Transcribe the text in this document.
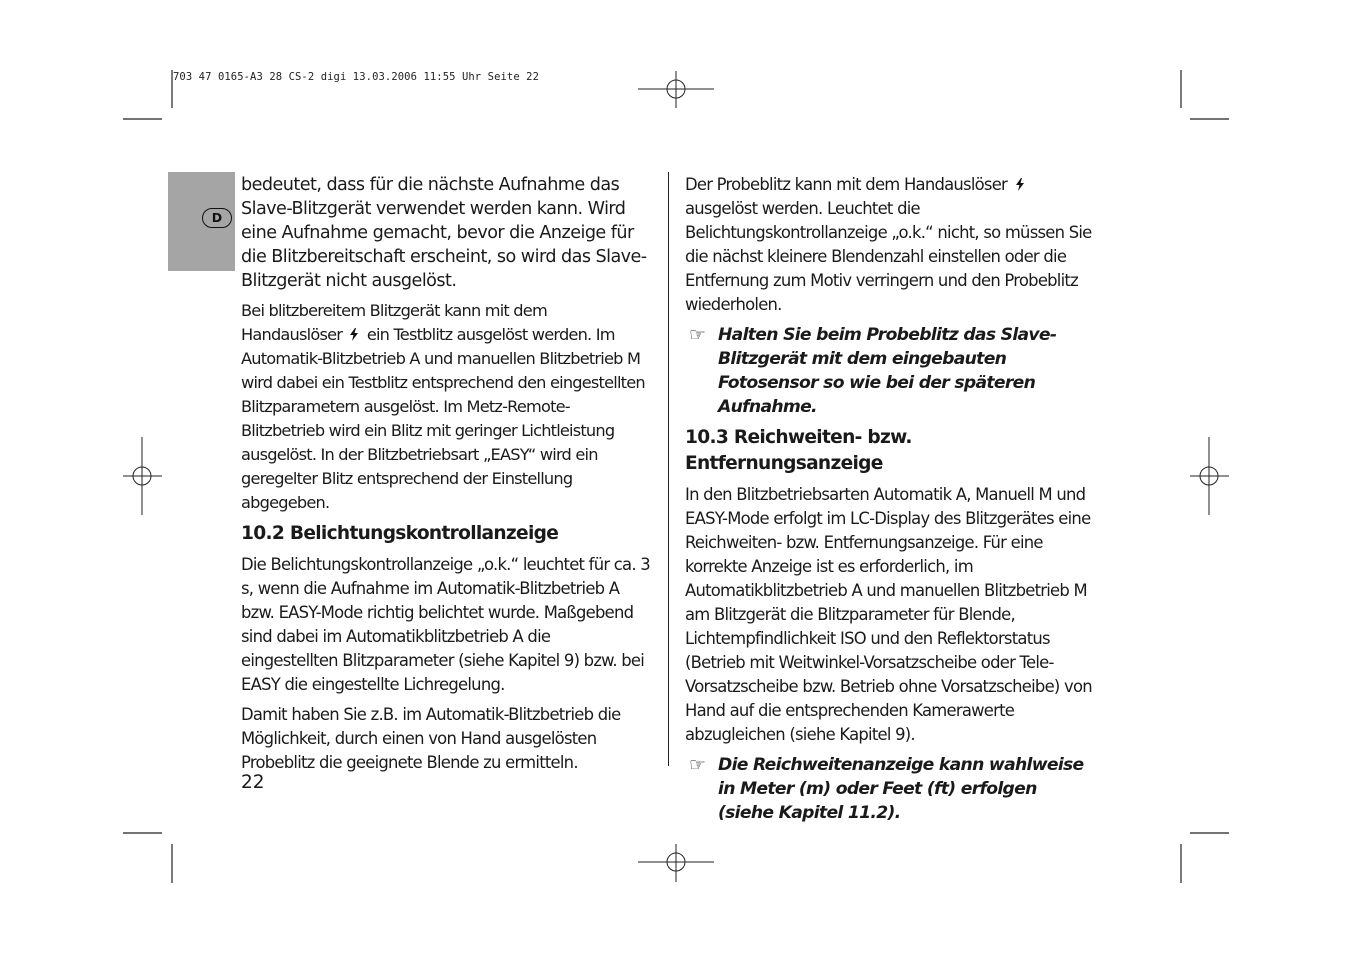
703 47 0165-A3 28 CS-2 digi 13.03.2006 11:55 Uhr Seite 22
D

bedeutet, dass für die nächste Aufnahme das Slave-Blitzgerät verwendet werden kann. Wird eine Aufnahme gemacht, bevor die Anzeige für die Blitzbereitschaft erscheint, so wird das Slave-Blitzgerät nicht ausgelöst.

Bei blitzbereitem Blitzgerät kann mit dem Handauslöser ein Testblitz ausgelöst werden. Im Automatik-Blitzbetrieb A und manuellen Blitzbetrieb M wird dabei ein Testblitz entsprechend den eingestellten Blitzparametern ausgelöst. Im Metz-Remote-Blitzbetrieb wird ein Blitz mit geringer Lichtleistung ausgelöst. In der Blitzbetriebsart „EASY“ wird ein geregelter Blitz entsprechend der Einstellung abgegeben.

10.2 Belichtungskontrollanzeige

Die Belichtungskontrollanzeige „o.k.“ leuchtet für ca. 3 s, wenn die Aufnahme im Automatik-Blitzbetrieb A bzw. EASY-Mode richtig belichtet wurde. Maßgebend sind dabei im Automatikblitzbetrieb A die eingestellten Blitzparameter (siehe Kapitel 9) bzw. bei EASY die eingestellte Lichregelung.

Damit haben Sie z.B. im Automatik-Blitzbetrieb die Möglichkeit, durch einen von Hand ausgelösten Probeblitz die geeignete Blende zu ermitteln.

Der Probeblitz kann mit dem Handauslöser  ausgelöst werden. Leuchtet die Belichtungskontrollanzeige „o.k.“ nicht, so müssen Sie die nächst kleinere Blendenzahl einstellen oder die Entfernung zum Motiv verringern und den Probeblitz wiederholen.

☞ Halten Sie beim Probeblitz das Slave-Blitzgerät mit dem eingebauten Fotosensor so wie bei der späteren Aufnahme.
10.3 Reichweiten- bzw. Entfernungsanzeige

In den Blitzbetriebsarten Automatik A, Manuell M und EASY-Mode erfolgt im LC-Display des Blitzgerätes eine Reichweiten- bzw. Entfernungsanzeige. Für eine korrekte Anzeige ist es erforderlich, im Automatikblitzbetrieb A und manuellen Blitzbetrieb M am Blitzgerät die Blitzparameter für Blende, Lichtempfindlichkeit ISO und den Reflektorstatus (Betrieb mit Weitwinkel-Vorsatzscheibe oder Tele-Vorsatzscheibe bzw. Betrieb ohne Vorsatzscheibe) von Hand auf die entsprechenden Kamerawerte abzugleichen (siehe Kapitel 9).

☞ Die Reichweitenanzeige kann wahlweise in Meter (m) oder Feet (ft) erfolgen (siehe Kapitel 11.2).
22
